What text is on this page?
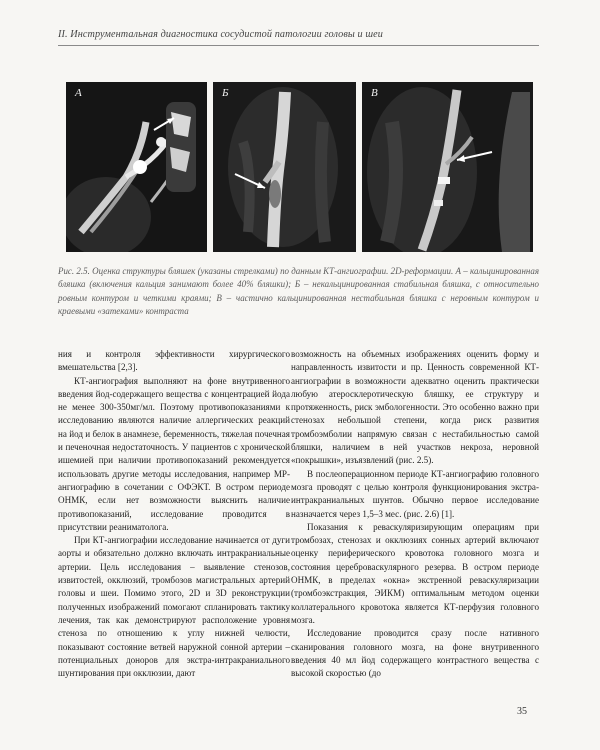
II. Инструментальная диагностика сосудистой патологии головы и шеи
А	Б	В
Рис. 2.5. Оценка структуры бляшек (указаны стрелками) по данным КТ-ангиографии. 2D-реформации. А – кальцинированная бляшка (включения кальция занимают более 40% бляшки); Б – некальцинированная стабильная бляшка, с относительно ровным контуром и четкими краями; В – частично кальцинированная нестабильная бляшка с неровным контуром и краевыми «затеками» контраста

ния и контроля эффективности хирургического вмешательства [2,3].

КТ-ангиография выполняют на фоне внутривенного введения йод-содержащего вещества с концентрацией йода не менее 300-350мг/мл. Поэтому противопоказаниями к исследованию являются наличие аллергических реакций на йод и белок в анамнезе, беременность, тяжелая почечная и печеночная недостаточность. У пациентов с хронической ишемией при наличии противопоказаний рекомендуется использовать другие методы исследования, например МР-ангиографию в сочетании с ОФЭКТ. В остром периоде ОНМК, если нет возможности выяснить наличие противопоказаний, исследование проводится в присутствии реаниматолога.

При КТ-ангиографии исследование начинается от дуги аорты и обязательно должно включать интракраниальные артерии. Цель исследования – выявление стенозов, извитостей, окклюзий, тромбозов магистральных артерий головы и шеи. Помимо этого, 2D и 3D реконструкции полученных изображений помогают спланировать тактику лечения, так как демонстрируют расположение уровня стеноза по отношению к углу нижней челюсти, показывают состояние ветвей наружной сонной артерии – потенциальных доноров для экстра-интракраниального шунтирования при окклюзии, дают

возможность на объемных изображениях оценить форму и направленность извитости и пр. Ценность современной КТ-ангиографии в возможности адекватно оценить практически любую атеросклеротическую бляшку, ее структуру и протяженность, риск эмбологенности. Это особенно важно при стенозах небольшой степени, когда риск развития тромбоэмболии напрямую связан с нестабильностью самой бляшки, наличием в ней участков некроза, неровной «покрышки», изъязвлений (рис. 2.5).

В послеоперационном периоде КТ-ангиографию головного мозга проводят с целью контроля функционирования экстра-интракраниальных шунтов. Обычно первое исследование назначается через 1,5–3 мес. (рис. 2.6) [1].

Показания к реваскуляризирующим операциям при тромбозах, стенозах и окклюзиях сонных артерий включают оценку периферического кровотока головного мозга и состояния цереброваскулярного резерва. В остром периоде ОНМК, в пределах «окна» экстренной реваскуляризации (тромбоэкстракция, ЭИКМ) оптимальным методом оценки коллатерального кровотока является КТ-перфузия головного мозга.

Исследование проводится сразу после нативного сканирования головного мозга, на фоне внутривенного введения 40 мл йод содержащего контрастного вещества с высокой скоростью (до

35
